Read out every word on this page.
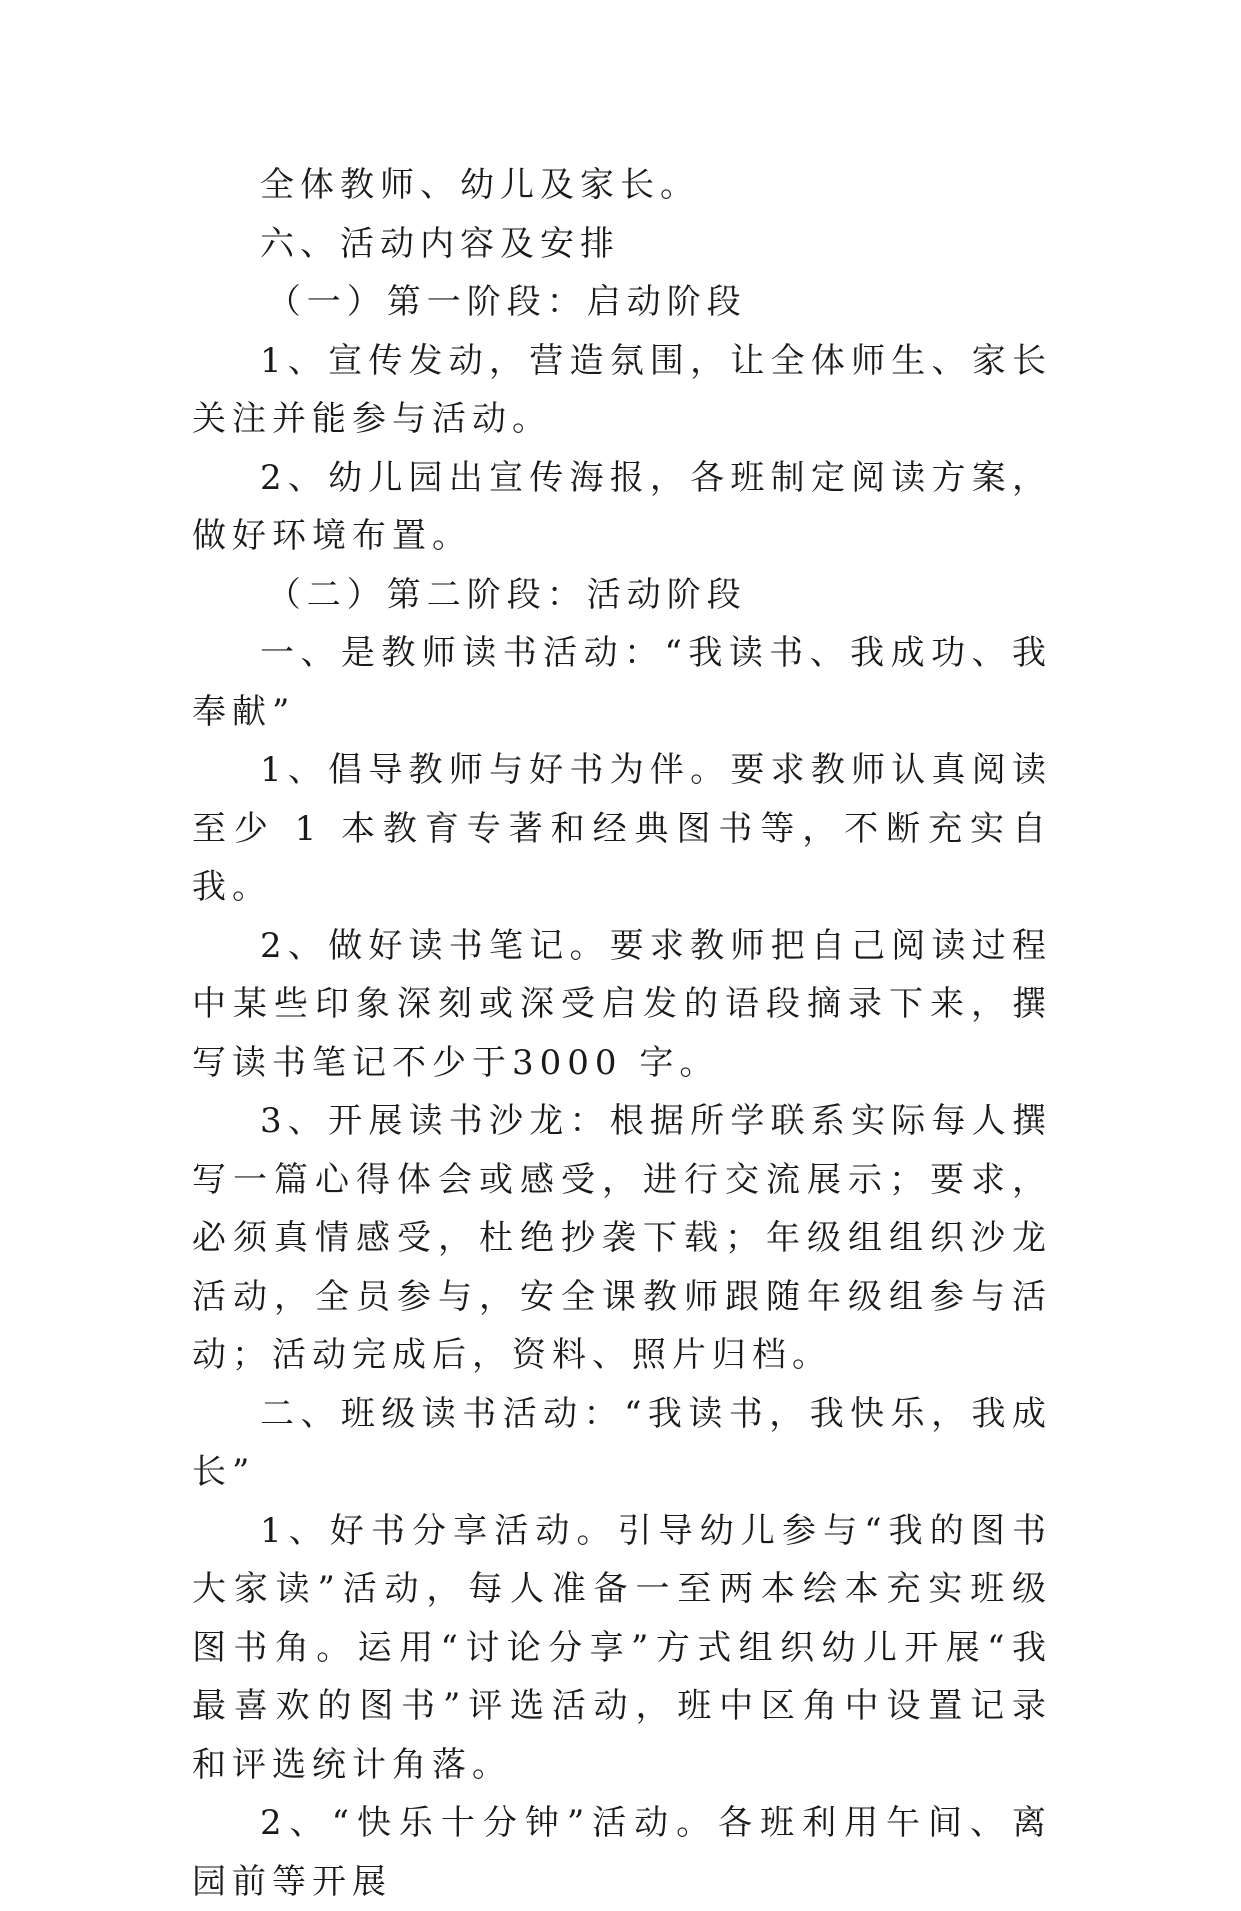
全体教师、幼儿及家长。

六、活动内容及安排

（一）第一阶段：启动阶段

1、宣传发动，营造氛围，让全体师生、家长关注并能参与活动。

2、幼儿园出宣传海报，各班制定阅读方案，做好环境布置。

（二）第二阶段：活动阶段

一、是教师读书活动：“我读书、我成功、我奉献”

1、倡导教师与好书为伴。要求教师认真阅读至少 1 本教育专著和经典图书等，不断充实自我。

2、做好读书笔记。要求教师把自己阅读过程中某些印象深刻或深受启发的语段摘录下来，撰写读书笔记不少于3000 字。

3、开展读书沙龙：根据所学联系实际每人撰写一篇心得体会或感受，进行交流展示；要求，必须真情感受，杜绝抄袭下载；年级组组织沙龙活动，全员参与，安全课教师跟随年级组参与活动；活动完成后，资料、照片归档。

二、班级读书活动：“我读书，我快乐，我成长”

1、好书分享活动。引导幼儿参与“我的图书大家读”活动，每人准备一至两本绘本充实班级图书角。运用“讨论分享”方式组织幼儿开展“我最喜欢的图书”评选活动，班中区角中设置记录和评选统计角落。

2、“快乐十分钟”活动。各班利用午间、离园前等开展
